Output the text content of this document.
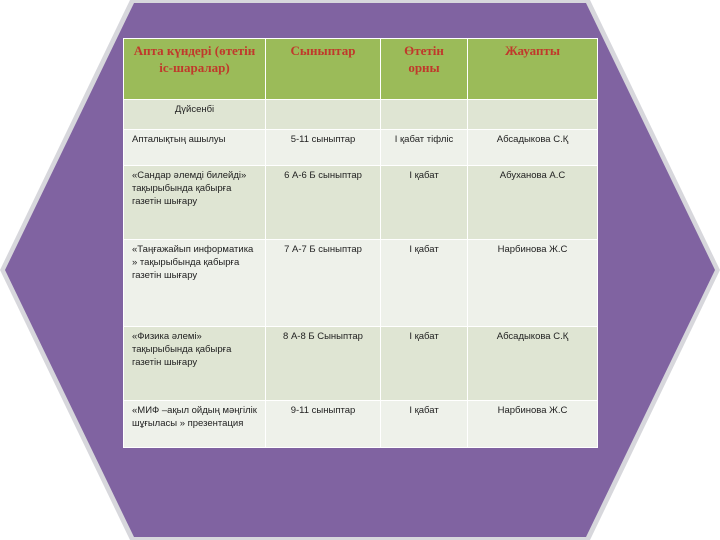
Апта күндері (өтетін іс-шаралар)	Сыныптар	Өтетін орны	Жауапты
Дүйсенбі			
Апталықтың ашылуы	5-11 сыныптар	I қабат тіфліс	Абсадыкова С.Қ
«Сандар әлемді билейді» тақырыбында қабырға газетін шығару	6 А-6 Б сыныптар	I қабат	Абуханова А.С
«Таңғажайып информатика » тақырыбында қабырға газетін шығару	7 А-7 Б сыныптар	I қабат	Нарбинова Ж.С
«Физика әлемі» тақырыбында қабырға газетін шығару	8 А-8 Б Сыныптар	I қабат	Абсадыкова С.Қ
«МИФ –ақыл ойдың мәңгілік шұғыласы » презентация	9-11 сыныптар	I қабат	Нарбинова Ж.С
